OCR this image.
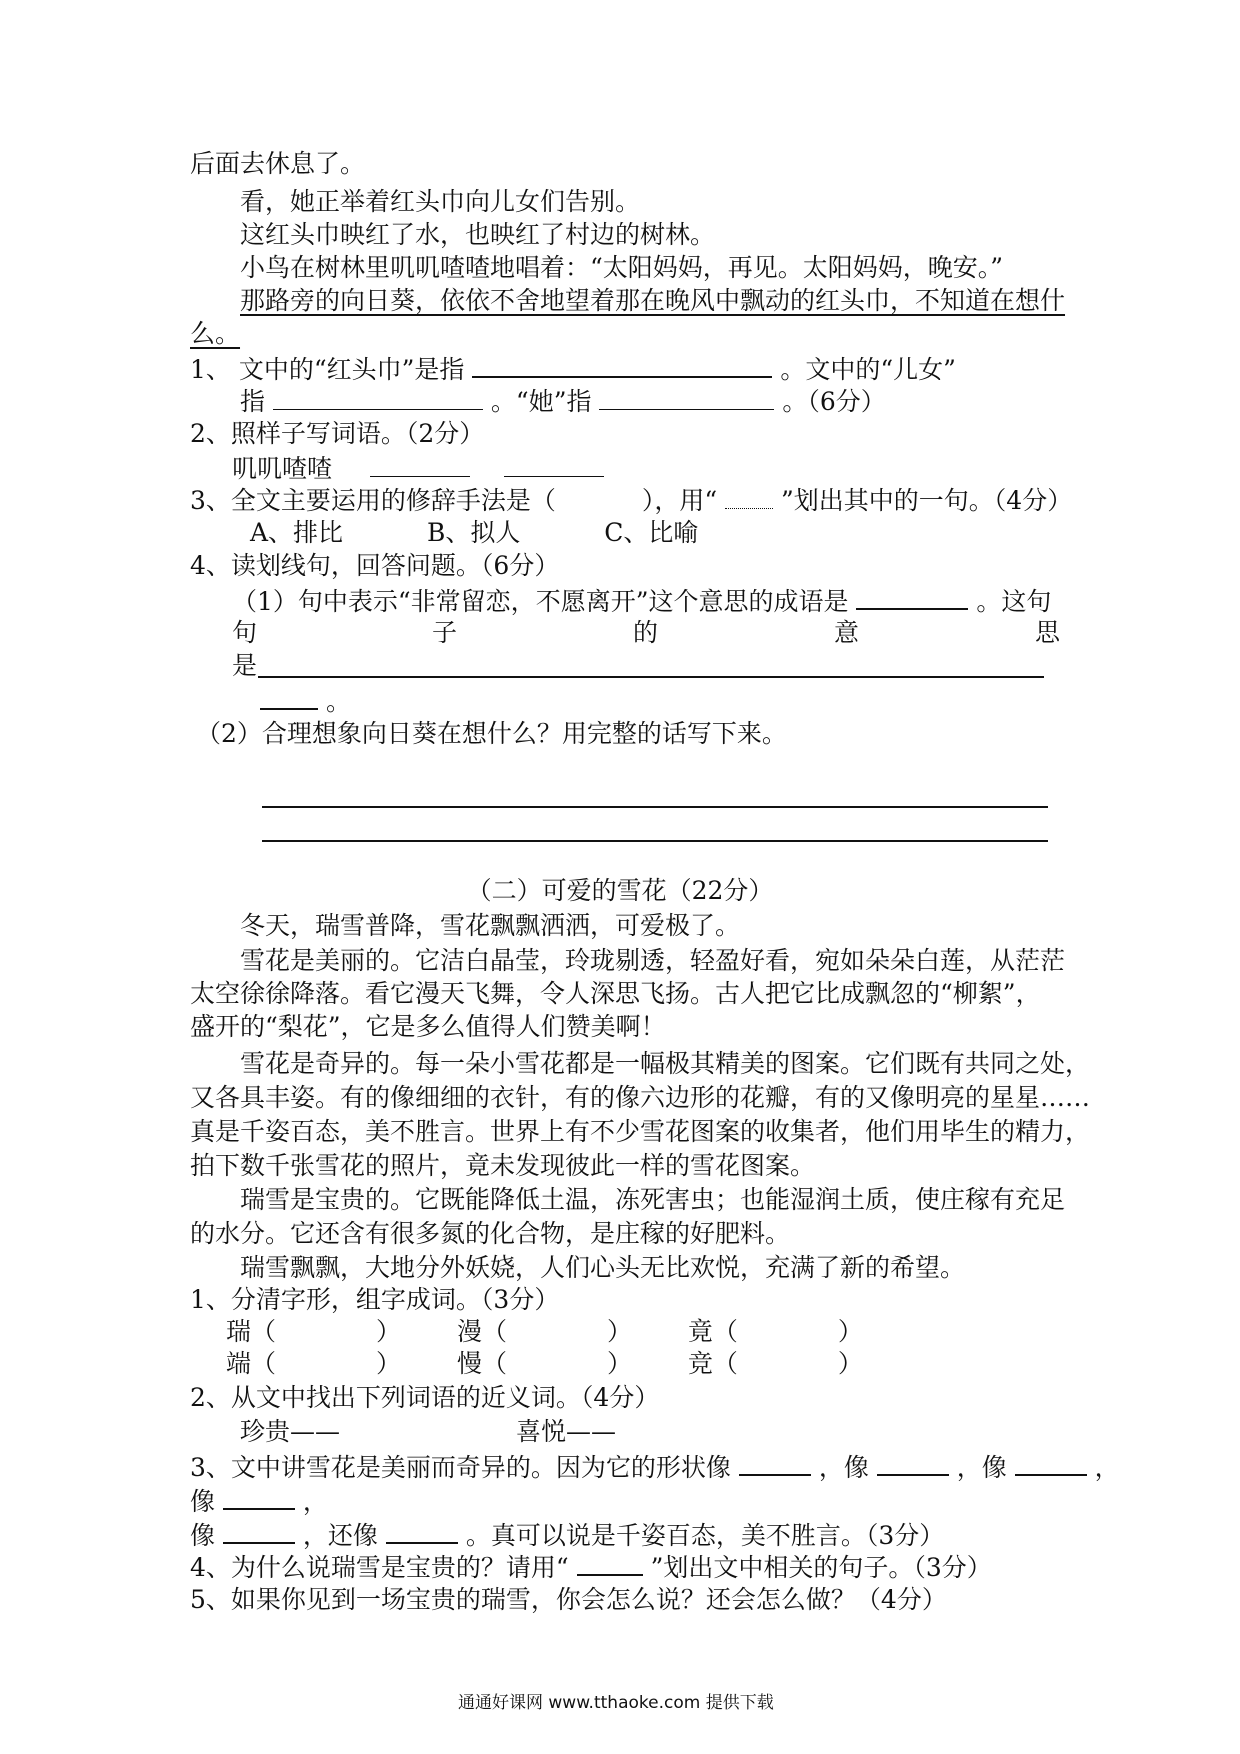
后面去休息了。
看，她正举着红头巾向儿女们告别。
这红头巾映红了水，也映红了村边的树林。
小鸟在树林里叽叽喳喳地唱着：“太阳妈妈，再见。太阳妈妈，晚安。”
那路旁的向日葵，依依不舍地望着那在晚风中飘动的红头巾，不知道在想什
么。
1、 文中的“红头巾”是指	。文中的“儿女”
指	。“她”指	。（6分）
2、照样子写词语。（2分）
叽叽喳喳
3、全文主要运用的修辞手法是（	），用“	”划出其中的一句。（4分）
A、排比	B、拟人	C、比喻
4、读划线句，回答问题。（6分）
（1）句中表示“非常留恋，不愿离开”这个意思的成语是	。这句
句	子	的	意	思
是
。
（2）合理想象向日葵在想什么？用完整的话写下来。
（二）可爱的雪花（22分）
冬天，瑞雪普降，雪花飘飘洒洒，可爱极了。
雪花是美丽的。它洁白晶莹，玲珑剔透，轻盈好看，宛如朵朵白莲，从茫茫
太空徐徐降落。看它漫天飞舞，令人深思飞扬。古人把它比成飘忽的“柳絮”，
盛开的“梨花”，它是多么值得人们赞美啊！
雪花是奇异的。每一朵小雪花都是一幅极其精美的图案。它们既有共同之处，
又各具丰姿。有的像细细的衣针，有的像六边形的花瓣，有的又像明亮的星星……
真是千姿百态，美不胜言。世界上有不少雪花图案的收集者，他们用毕生的精力，
拍下数千张雪花的照片，竟未发现彼此一样的雪花图案。
瑞雪是宝贵的。它既能降低土温，冻死害虫；也能湿润土质，使庄稼有充足
的水分。它还含有很多氮的化合物，是庄稼的好肥料。
瑞雪飘飘，大地分外妖娆，人们心头无比欢悦，充满了新的希望。
1、分清字形，组字成词。（3分）
瑞（	） 漫（	） 竟（	）
端（	） 慢（	） 竞（	）
2、从文中找出下列词语的近义词。（4分）
珍贵——	喜悦——
3、文中讲雪花是美丽而奇异的。因为它的形状像	，像	，像	，
像	，
像	，还像	。真可以说是千姿百态，美不胜言。（3分）
4、为什么说瑞雪是宝贵的？请用“	”划出文中相关的句子。（3分）
5、如果你见到一场宝贵的瑞雪，你会怎么说？还会怎么做？（4分）
通通好课网 www.tthaoke.com 提供下载
